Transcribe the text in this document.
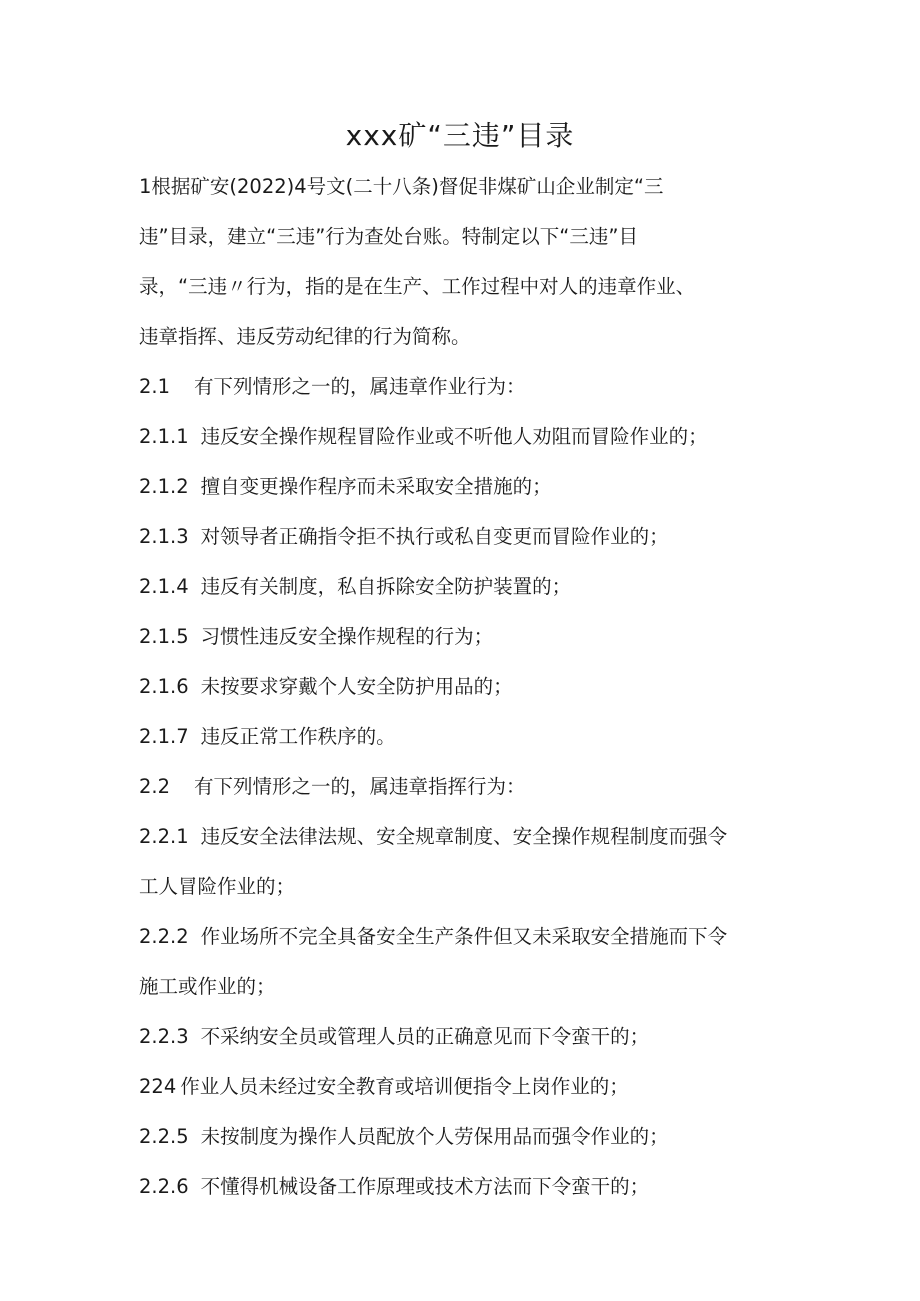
xxx矿“三违”目录
1根据矿安(2022)4号文(二十八条)督促非煤矿山企业制定“三
违”目录，建立“三违”行为查处台账。特制定以下“三违”目
录，“三违〃行为，指的是在生产、工作过程中对人的违章作业、
违章指挥、违反劳动纪律的行为简称。
2.1 有下列情形之一的，属违章作业行为：
2.1.1 违反安全操作规程冒险作业或不听他人劝阻而冒险作业的；
2.1.2 擅自变更操作程序而未采取安全措施的；
2.1.3 对领导者正确指令拒不执行或私自变更而冒险作业的；
2.1.4 违反有关制度，私自拆除安全防护装置的；
2.1.5 习惯性违反安全操作规程的行为；
2.1.6 未按要求穿戴个人安全防护用品的；
2.1.7 违反正常工作秩序的。
2.2 有下列情形之一的，属违章指挥行为：
2.2.1 违反安全法律法规、安全规章制度、安全操作规程制度而强令
工人冒险作业的；
2.2.2 作业场所不完全具备安全生产条件但又未采取安全措施而下令
施工或作业的；
2.2.3 不采纳安全员或管理人员的正确意见而下令蛮干的；
224 作业人员未经过安全教育或培训便指令上岗作业的；
2.2.5 未按制度为操作人员配放个人劳保用品而强令作业的；
2.2.6 不懂得机械设备工作原理或技术方法而下令蛮干的；
